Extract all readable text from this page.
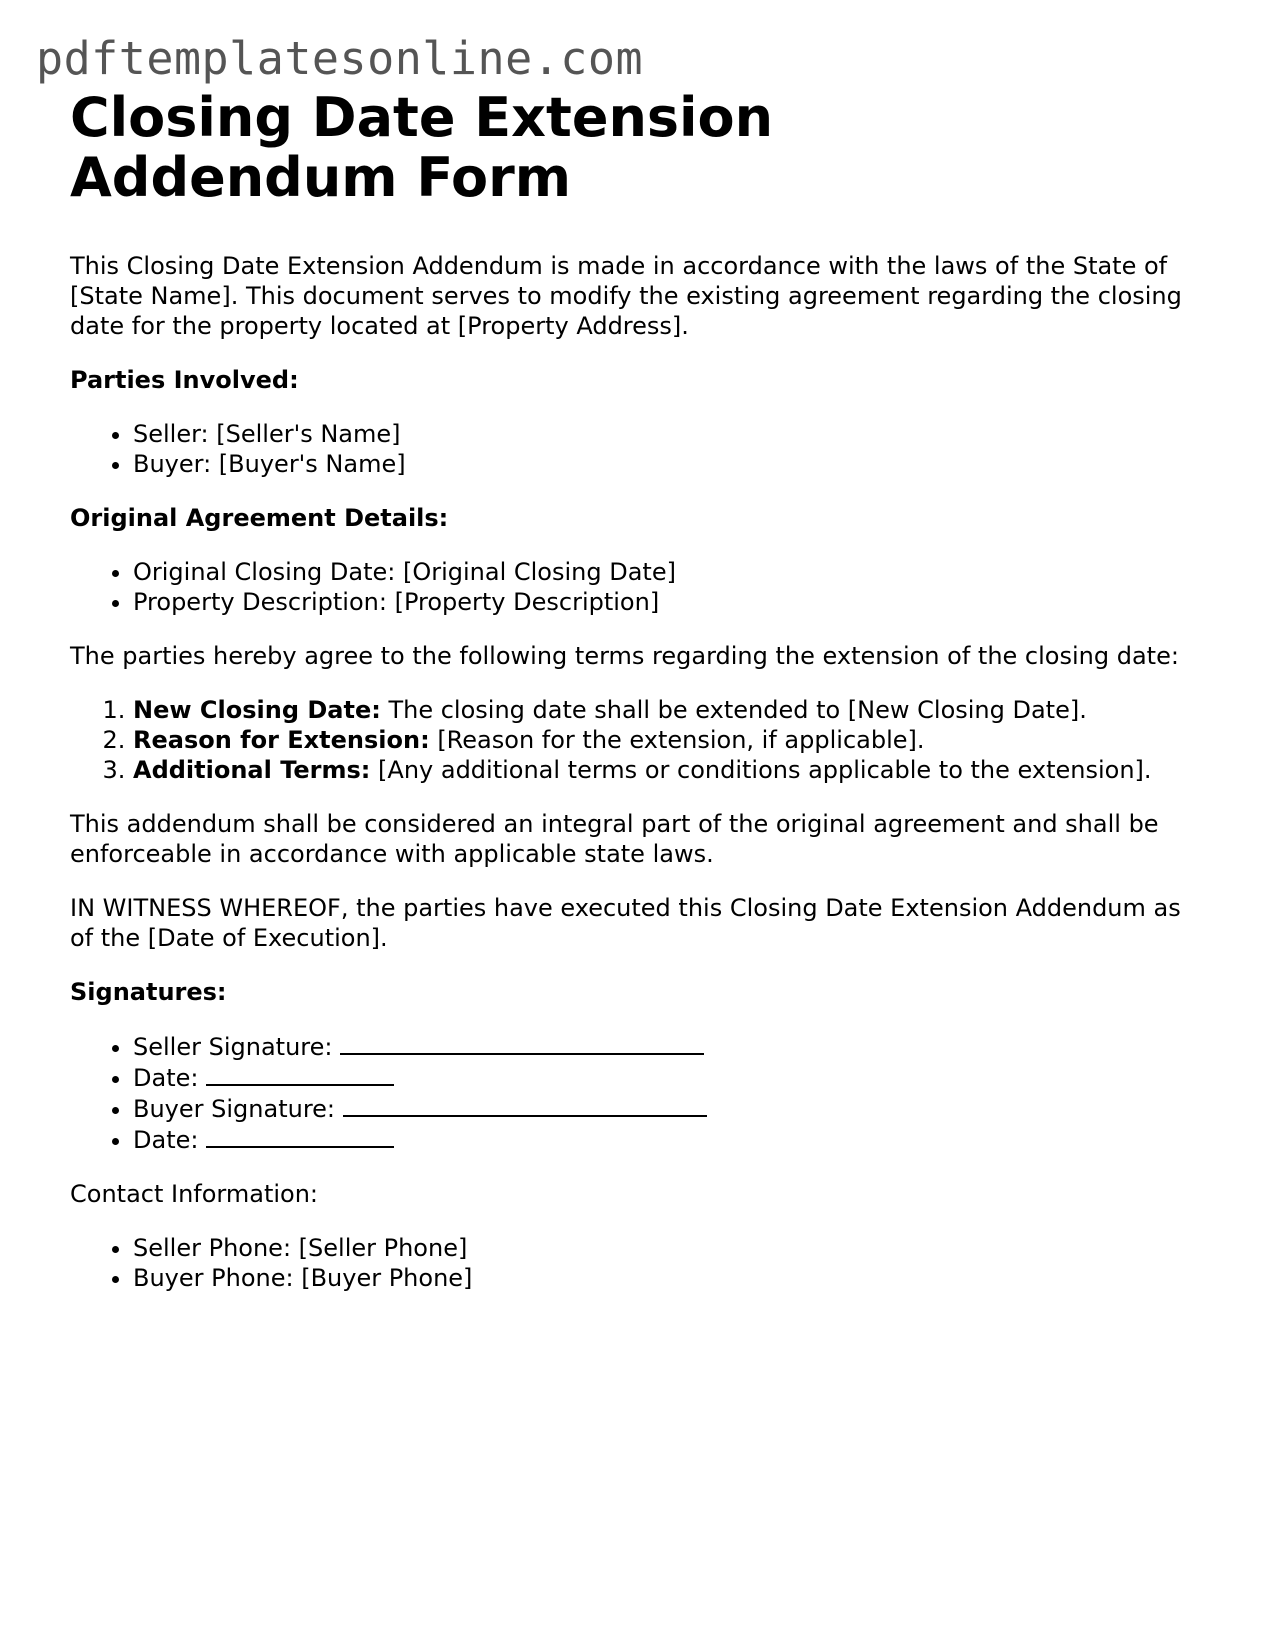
pdftemplatesonline.com
Closing Date Extension Addendum Form

This Closing Date Extension Addendum is made in accordance with the laws of the State of [State Name]. This document serves to modify the existing agreement regarding the closing date for the property located at [Property Address].

Parties Involved:

• Seller: [Seller's Name]
• Buyer: [Buyer's Name]

Original Agreement Details:

• Original Closing Date: [Original Closing Date]
• Property Description: [Property Description]

The parties hereby agree to the following terms regarding the extension of the closing date:

1. New Closing Date: The closing date shall be extended to [New Closing Date].
2. Reason for Extension: [Reason for the extension, if applicable].
3. Additional Terms: [Any additional terms or conditions applicable to the extension].

This addendum shall be considered an integral part of the original agreement and shall be enforceable in accordance with applicable state laws.

IN WITNESS WHEREOF, the parties have executed this Closing Date Extension Addendum as of the [Date of Execution].

Signatures:

• Seller Signature:
• Date:
• Buyer Signature:
• Date:

Contact Information:

• Seller Phone: [Seller Phone]
• Buyer Phone: [Buyer Phone]
